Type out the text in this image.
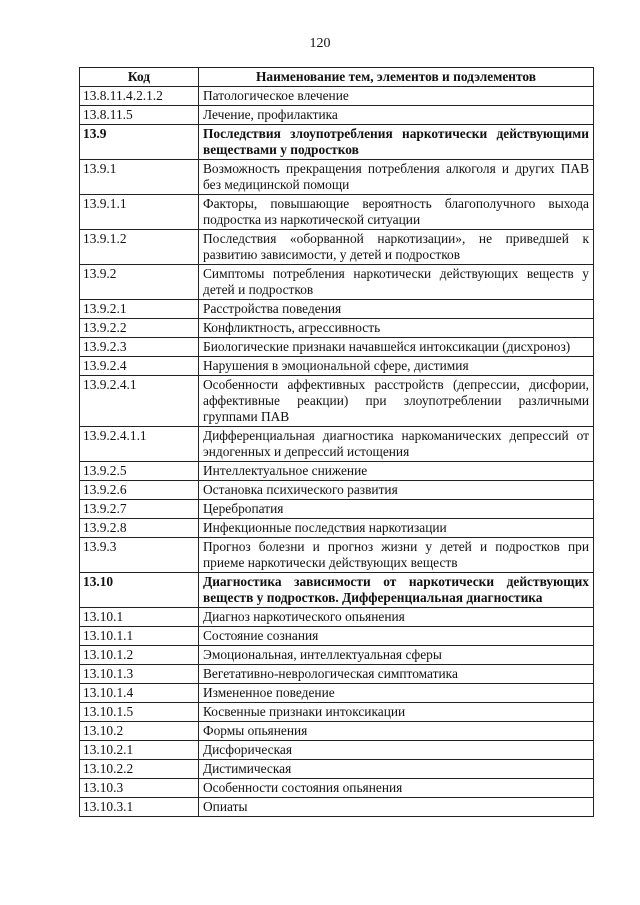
120
Код	Наименование тем, элементов и подэлементов
13.8.11.4.2.1.2	Патологическое влечение
13.8.11.5	Лечение, профилактика
13.9	Последствия злоупотребления наркотически действующими веществами у подростков
13.9.1	Возможность прекращения потребления алкоголя и других ПАВ без медицинской помощи
13.9.1.1	Факторы, повышающие вероятность благополучного выхода подростка из наркотической ситуации
13.9.1.2	Последствия «оборванной наркотизации», не приведшей к развитию зависимости, у детей и подростков
13.9.2	Симптомы потребления наркотически действующих веществ у детей и подростков
13.9.2.1	Расстройства поведения
13.9.2.2	Конфликтность, агрессивность
13.9.2.3	Биологические признаки начавшейся интоксикации (дисхроноз)
13.9.2.4	Нарушения в эмоциональной сфере, дистимия
13.9.2.4.1	Особенности аффективных расстройств (депрессии, дисфории, аффективные реакции) при злоупотреблении различными группами ПАВ
13.9.2.4.1.1	Дифференциальная диагностика наркоманических депрессий от эндогенных и депрессий истощения
13.9.2.5	Интеллектуальное снижение
13.9.2.6	Остановка психического развития
13.9.2.7	Церебропатия
13.9.2.8	Инфекционные последствия наркотизации
13.9.3	Прогноз болезни и прогноз жизни у детей и подростков при приеме наркотически действующих веществ
13.10	Диагностика зависимости от наркотически действующих веществ у подростков. Дифференциальная диагностика
13.10.1	Диагноз наркотического опьянения
13.10.1.1	Состояние сознания
13.10.1.2	Эмоциональная, интеллектуальная сферы
13.10.1.3	Вегетативно-неврологическая симптоматика
13.10.1.4	Измененное поведение
13.10.1.5	Косвенные признаки интоксикации
13.10.2	Формы опьянения
13.10.2.1	Дисфорическая
13.10.2.2	Дистимическая
13.10.3	Особенности состояния опьянения
13.10.3.1	Опиаты
